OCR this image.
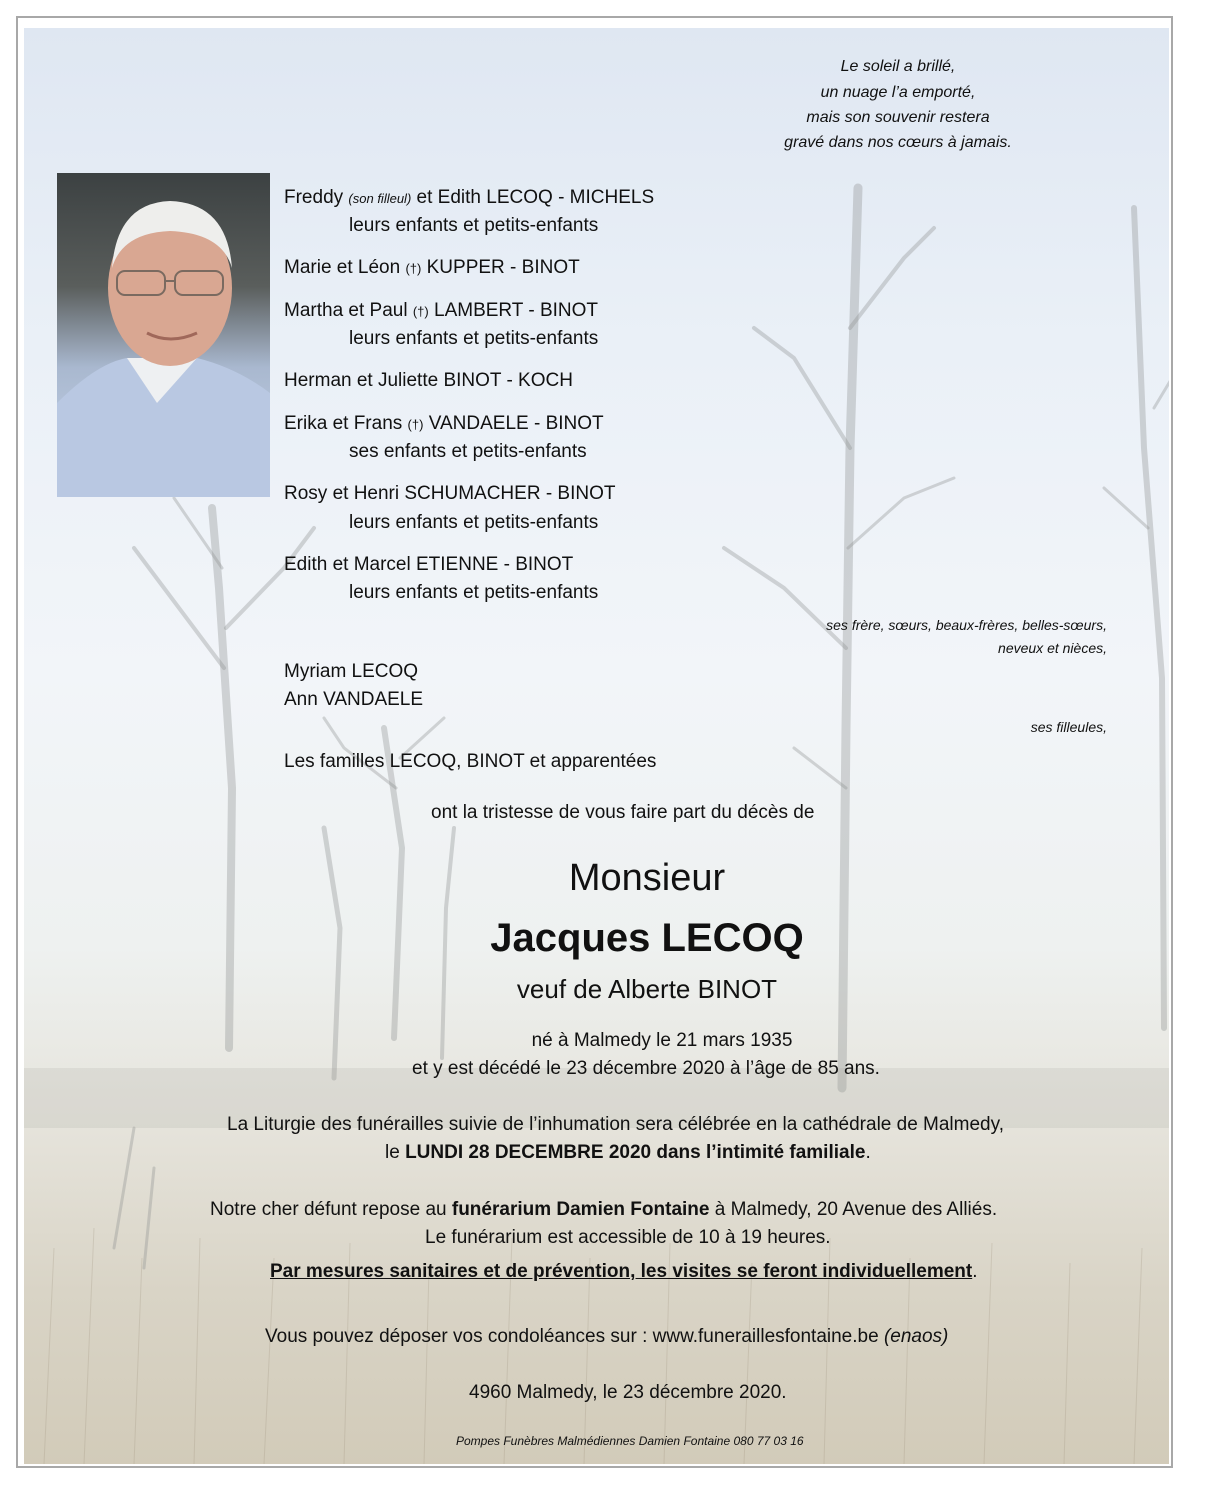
Le soleil a brillé,
un nuage l’a emporté,
mais son souvenir restera
gravé dans nos cœurs à jamais.
Freddy (son filleul) et Edith LECOQ - MICHELS
leurs enfants et petits-enfants
Marie et Léon (†) KUPPER - BINOT
Martha et Paul (†) LAMBERT - BINOT
leurs enfants et petits-enfants
Herman et Juliette BINOT - KOCH
Erika et Frans (†) VANDAELE - BINOT
ses enfants et petits-enfants
Rosy et Henri SCHUMACHER - BINOT
leurs enfants et petits-enfants
Edith et Marcel ETIENNE - BINOT
leurs enfants et petits-enfants
ses frère, sœurs, beaux-frères, belles-sœurs,
neveux et nièces,
Myriam LECOQ
Ann VANDAELE
ses filleules,
Les familles LECOQ, BINOT et apparentées
ont la tristesse de vous faire part du décès de
Monsieur
Jacques LECOQ
veuf de Alberte BINOT
né à Malmedy le 21 mars 1935
et y est décédé le 23 décembre 2020 à l’âge de 85 ans.
La Liturgie des funérailles suivie de l’inhumation sera célébrée en la cathédrale de Malmedy,
le LUNDI 28 DECEMBRE 2020 dans l’intimité familiale.
Notre cher défunt repose au funérarium Damien Fontaine à Malmedy, 20 Avenue des Alliés.
Le funérarium est accessible de 10 à 19 heures.
Par mesures sanitaires et de prévention, les visites se feront individuellement.
Vous pouvez déposer vos condoléances sur : www.funeraillesfontaine.be (enaos)
4960 Malmedy, le 23 décembre 2020.
Pompes Funèbres Malmédiennes Damien Fontaine 080 77 03 16
